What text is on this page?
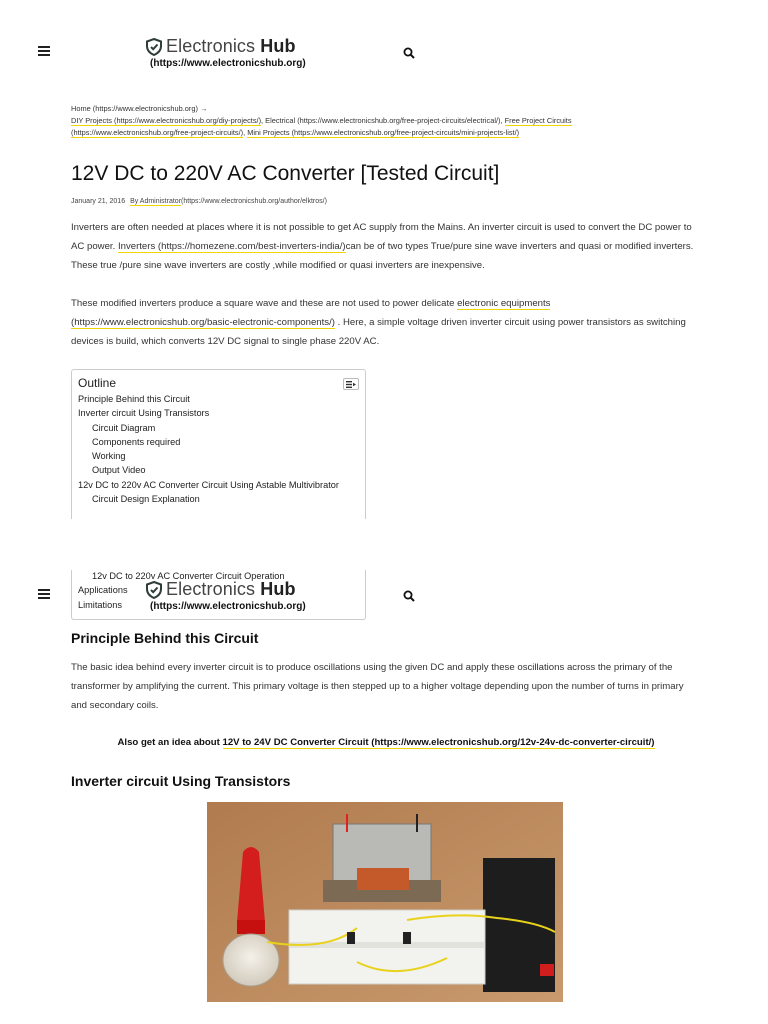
Electronics Hub
(https://www.electronicshub.org)
Home (https://www.electronicshub.org) →
DIY Projects (https://www.electronicshub.org/diy-projects/), Electrical (https://www.electronicshub.org/free-project-circuits/electrical/), Free Project Circuits
(https://www.electronicshub.org/free-project-circuits/), Mini Projects (https://www.electronicshub.org/free-project-circuits/mini-projects-list/)
12V DC to 220V AC Converter [Tested Circuit]
January 21, 2016 By Administrator(https://www.electronicshub.org/author/elktros/)

Inverters are often needed at places where it is not possible to get AC supply from the Mains. An inverter circuit is used to convert the DC power to AC power. Inverters (https://homezene.com/best-inverters-india/)can be of two types True/pure sine wave inverters and quasi or modified inverters. These true /pure sine wave inverters are costly ,while modified or quasi inverters are inexpensive.

These modified inverters produce a square wave and these are not used to power delicate electronic equipments (https://www.electronicshub.org/basic-electronic-components/) . Here, a simple voltage driven inverter circuit using power transistors as switching devices is build, which converts 12V DC signal to single phase 220V AC.

Outline
Principle Behind this Circuit
Inverter circuit Using Transistors
Circuit Diagram
Components required
Working
Output Video
12v DC to 220v AC Converter Circuit Using Astable Multivibrator
Circuit Design Explanation
Electronics Hub
(https://www.electronicshub.org)
12v DC to 220v AC Converter Circuit Operation
Applications
Limitations
Principle Behind this Circuit

The basic idea behind every inverter circuit is to produce oscillations using the given DC and apply these oscillations across the primary of the transformer by amplifying the current. This primary voltage is then stepped up to a higher voltage depending upon the number of turns in primary and secondary coils.

Also get an idea about 12V to 24V DC Converter Circuit (https://www.electronicshub.org/12v-24v-dc-converter-circuit/)
Inverter circuit Using Transistors
